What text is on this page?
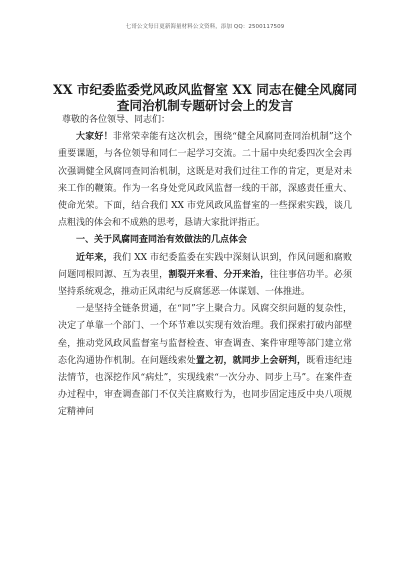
七哥公文每日更新海量材料公文资料，添加 QQ：2500117509
XX 市纪委监委党风政风监督室 XX 同志在健全风腐同查同治机制专题研讨会上的发言

尊敬的各位领导、同志们：

大家好！非常荣幸能有这次机会，围绕“健全风腐同查同治机制”这个重要课题，与各位领导和同仁一起学习交流。二十届中央纪委四次全会再次强调健全风腐同查同治机制，这既是对我们过往工作的肯定，更是对未来工作的鞭策。作为一名身处党风政风监督一线的干部，深感责任重大、使命光荣。下面，结合我们 XX 市党风政风监督室的一些探索实践，谈几点粗浅的体会和不成熟的思考，恳请大家批评指正。

一、关于风腐同查同治有效做法的几点体会

近年来，我们 XX 市纪委监委在实践中深刻认识到，作风问题和腐败问题同根同源、互为表里，割裂开来看、分开来治，往往事倍功半。必须坚持系统观念，推动正风肃纪与反腐惩恶一体谋划、一体推进。

一是坚持全链条贯通，在“同”字上聚合力。风腐交织问题的复杂性，决定了单靠一个部门、一个环节难以实现有效治理。我们探索打破内部壁垒，推动党风政风监督室与监督检查、审查调查、案件审理等部门建立常态化沟通协作机制。在问题线索处置之初，就同步上会研判，既看违纪违法情节，也深挖作风“病灶”，实现线索“一次分办、同步上马”。在案件查办过程中，审查调查部门不仅关注腐败行为，也同步固定违反中央八项规定精神问
